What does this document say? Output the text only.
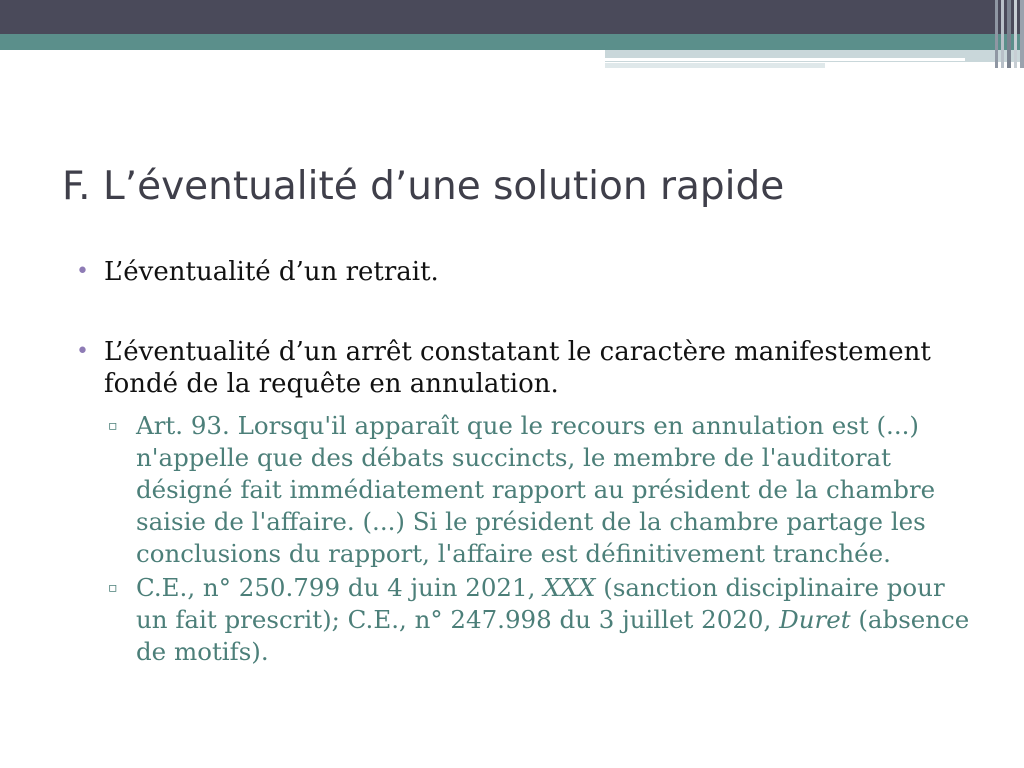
F. L’éventualité d’une solution rapide
• L’éventualité d’un retrait.
• L’éventualité d’un arrêt constatant le caractère manifestement fondé de la requête en annulation.
▫ Art. 93. Lorsqu'il apparaît que le recours en annulation est (...) n'appelle que des débats succincts, le membre de l'auditorat désigné fait immédiatement rapport au président de la chambre saisie de l'affaire. (...) Si le président de la chambre partage les conclusions du rapport, l'affaire est définitivement tranchée.
▫ C.E., n° 250.799 du 4 juin 2021, XXX (sanction disciplinaire pour un fait prescrit); C.E., n° 247.998 du 3 juillet 2020, Duret (absence de motifs).
